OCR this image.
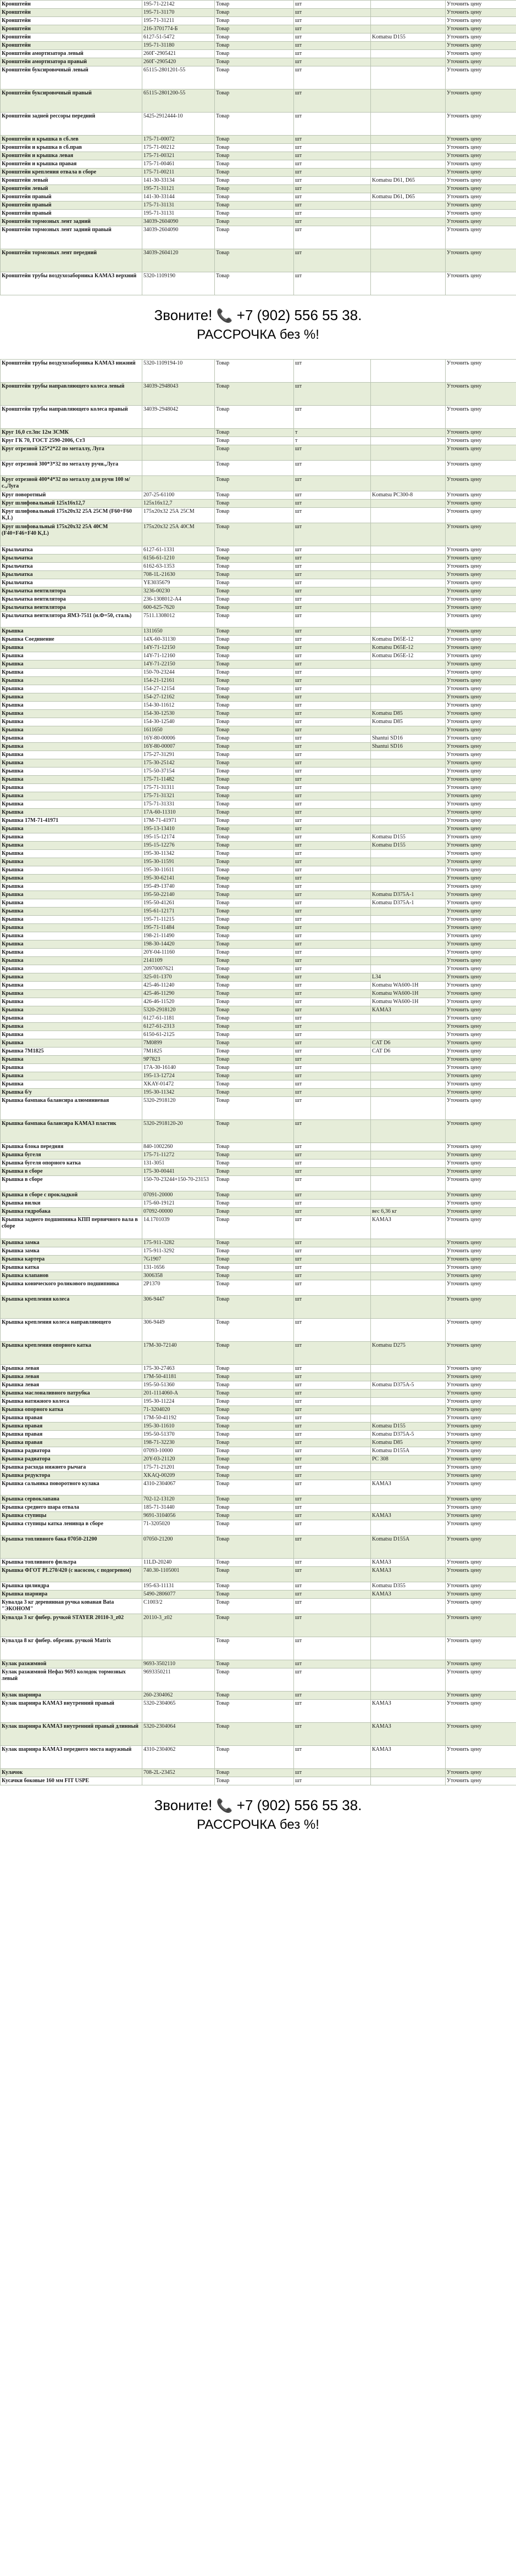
Кронштейн	195-71-22142	Товар	шт		Уточнить цену
Кронштейн	195-71-31170	Товар	шт		Уточнить цену
Кронштейн	195-71-31211	Товар	шт		Уточнить цену
Кронштейн	216-3701774-Б	Товар	шт		Уточнить цену
Кронштейн	6127-51-5472	Товар	шт	Komatsu D155	Уточнить цену
Кронштейн	195-71-31180	Товар	шт		Уточнить цену
Кронштейн амортизатора левый	260Г-2905421	Товар	шт		Уточнить цену
Кронштейн амортизатора правый	260Г-2905420	Товар	шт		Уточнить цену
Кронштейн буксировочный левый	65115-2801201-55	Товар	шт		Уточнить цену
Кронштейн буксировочный правый	65115-2801200-55	Товар	шт		Уточнить цену
Кронштейн задней рессоры передний	5425-2912444-10	Товар	шт		Уточнить цену
Кронштейн и крышка в сб.лев	175-71-00072	Товар	шт		Уточнить цену
Кронштейн и крышка в сб.прав	175-71-00212	Товар	шт		Уточнить цену
Кронштейн и крышка левая	175-71-00321	Товар	шт		Уточнить цену
Кронштейн и крышка правая	175-71-00461	Товар	шт		Уточнить цену
Кронштейн крепления отвала в сборе	175-71-00211	Товар	шт		Уточнить цену
Кронштейн левый	141-30-33134	Товар	шт	Komatsu D61, D65	Уточнить цену
Кронштейн левый	195-71-31121	Товар	шт		Уточнить цену
Кронштейн правый	141-30-33144	Товар	шт	Komatsu D61, D65	Уточнить цену
Кронштейн правый	175-71-31131	Товар	шт		Уточнить цену
Кронштейн правый	195-71-31131	Товар	шт		Уточнить цену
Кронштейн тормозных лент задний	34039-2604090	Товар	шт		Уточнить цену
Кронштейн тормозных лент задний правый	34039-2604090	Товар	шт		Уточнить цену
Кронштейн тормозных лент передний	34039-2604120	Товар	шт		Уточнить цену
Кронштейн трубы воздухозаборника КАМАЗ верхний	5320-1109190	Товар	шт		Уточнить цену
Звоните! 📞 +7 (902) 556 55 38.
РАССРОЧКА без %!
Кронштейн трубы воздухозаборника КАМАЗ нижний	5320-1109194-10	Товар	шт		Уточнить цену
Кронштейн трубы направляющего колеса левый	34039-2948043	Товар	шт		Уточнить цену
Кронштейн трубы направляющего колеса правый	34039-2948042	Товар	шт		Уточнить цену
Круг 16,0 ст.3пс 12м ЗСМК		Товар	т		Уточнить цену
Круг ГК 70, ГОСТ 2590-2006, Ст3		Товар	т		Уточнить цену
Круг отрезной 125*2*22 по металлу, Луга		Товар	шт		Уточнить цену
Круг отрезной 300*3*32 по металлу ручн.,Луга		Товар	шт		Уточнить цену
Круг отрезной 400*4*32 по металлу для ручн 100 м/с.,Луга		Товар	шт		Уточнить цену
Круг поворотный	207-25-61100	Товар	шт	Komatsu PC300-8	Уточнить цену
Круг шлифовальный 125х16х12,7	125х16х12,7	Товар	шт		Уточнить цену
Круг шлифовальный 175х20х32 25А 25СМ (F60+F60 K,L)	175х20х32 25А 25СМ	Товар	шт		Уточнить цену
Круг шлифовальный 175х20х32 25А 40СМ (F40+F46+F40 K,L)	175х20х32 25А 40СМ	Товар	шт		Уточнить цену
Крыльчатка	6127-61-1331	Товар	шт		Уточнить цену
Крыльчатка	6156-61-1210	Товар	шт		Уточнить цену
Крыльчатка	6162-63-1353	Товар	шт		Уточнить цену
Крыльчатка	708-1L-21630	Товар	шт		Уточнить цену
Крыльчатка	YE3035679	Товар	шт		Уточнить цену
Крыльчатка вентилятора	3236-00230	Товар	шт		Уточнить цену
Крыльчатка вентилятора	236-1308012-А4	Товар	шт		Уточнить цену
Крыльчатка вентилятора	600-625-7620	Товар	шт		Уточнить цену
Крыльчатка вентилятора ЯМЗ-7511 (н.Ф=50, сталь)	7511.1308012	Товар	шт		Уточнить цену
Крышка	1311650	Товар	шт		Уточнить цену
Крышка Соединение	14X-60-31130	Товар	шт	Komatsu D65E-12	Уточнить цену
Крышка	14Y-71-12150	Товар	шт	Komatsu D65E-12	Уточнить цену
Крышка	14Y-71-12160	Товар	шт	Komatsu D65E-12	Уточнить цену
Крышка	14Y-71-22150	Товар	шт		Уточнить цену
Крышка	150-70-23244	Товар	шт		Уточнить цену
Крышка	154-21-12161	Товар	шт		Уточнить цену
Крышка	154-27-12154	Товар	шт		Уточнить цену
Крышка	154-27-12162	Товар	шт		Уточнить цену
Крышка	154-30-11612	Товар	шт		Уточнить цену
Крышка	154-30-12530	Товар	шт	Komatsu D85	Уточнить цену
Крышка	154-30-12540	Товар	шт	Komatsu D85	Уточнить цену
Крышка	1611650	Товар	шт		Уточнить цену
Крышка	16Y-80-00006	Товар	шт	Shantui SD16	Уточнить цену
Крышка	16Y-80-00007	Товар	шт	Shantui SD16	Уточнить цену
Крышка	175-27-31291	Товар	шт		Уточнить цену
Крышка	175-30-25142	Товар	шт		Уточнить цену
Крышка	175-50-37154	Товар	шт		Уточнить цену
Крышка	175-71-11482	Товар	шт		Уточнить цену
Крышка	175-71-31311	Товар	шт		Уточнить цену
Крышка	175-71-31321	Товар	шт		Уточнить цену
Крышка	175-71-31331	Товар	шт		Уточнить цену
Крышка	17A-60-11310	Товар	шт		Уточнить цену
Крышка 17M-71-41971	17M-71-41971	Товар	шт		Уточнить цену
Крышка	195-13-13410	Товар	шт		Уточнить цену
Крышка	195-15-12174	Товар	шт	Komatsu D155	Уточнить цену
Крышка	195-15-12276	Товар	шт	Komatsu D155	Уточнить цену
Крышка	195-30-11342	Товар	шт		Уточнить цену
Крышка	195-30-11591	Товар	шт		Уточнить цену
Крышка	195-30-11611	Товар	шт		Уточнить цену
Крышка	195-30-62141	Товар	шт		Уточнить цену
Крышка	195-49-13740	Товар	шт		Уточнить цену
Крышка	195-50-22140	Товар	шт	Komatsu D375A-1	Уточнить цену
Крышка	195-50-41261	Товар	шт	Komatsu D375A-1	Уточнить цену
Крышка	195-61-12171	Товар	шт		Уточнить цену
Крышка	195-71-11215	Товар	шт		Уточнить цену
Крышка	195-71-11484	Товар	шт		Уточнить цену
Крышка	198-21-11490	Товар	шт		Уточнить цену
Крышка	198-30-14420	Товар	шт		Уточнить цену
Крышка	20Y-04-11160	Товар	шт		Уточнить цену
Крышка	2141109	Товар	шт		Уточнить цену
Крышка	20970007621	Товар	шт		Уточнить цену
Крышка	325-01-1370	Товар	шт	L34	Уточнить цену
Крышка	425-46-11240	Товар	шт	Komatsu WA600-1H	Уточнить цену
Крышка	425-46-11290	Товар	шт	Komatsu WA600-1H	Уточнить цену
Крышка	426-46-11520	Товар	шт	Komatsu WA600-1H	Уточнить цену
Крышка	5320-2918120	Товар	шт	КАМАЗ	Уточнить цену
Крышка	6127-61-1181	Товар	шт		Уточнить цену
Крышка	6127-61-2313	Товар	шт		Уточнить цену
Крышка	6150-61-2125	Товар	шт		Уточнить цену
Крышка	7M0899	Товар	шт	CAT D6	Уточнить цену
Крышка 7M1825	7M1825	Товар	шт	CAT D6	Уточнить цену
Крышка	9P7823	Товар	шт		Уточнить цену
Крышка	17A-30-16140	Товар	шт		Уточнить цену
Крышка	195-13-12724	Товар	шт		Уточнить цену
Крышка	XKAY-01472	Товар	шт		Уточнить цену
Крышка б/у	195-30-11342	Товар	шт		Уточнить цену
Крышка бампака балансира алюминиевая	5320-2918120	Товар	шт		Уточнить цену
Крышка бампака балансира КАМАЗ пластик	5320-2918120-20	Товар	шт		Уточнить цену
Крышка блока передняя	840-1002260	Товар	шт		Уточнить цену
Крышка бугеля	175-71-11272	Товар	шт		Уточнить цену
Крышка бугеля опорного катка	131-3051	Товар	шт		Уточнить цену
Крышка в сборе	175-30-00441	Товар	шт		Уточнить цену
Крышка в сборе	150-70-23244+150-70-23153	Товар	шт		Уточнить цену
Крышка в сборе с прокладкой	07091-20000	Товар	шт		Уточнить цену
Крышка вилки	175-60-19121	Товар	шт		Уточнить цену
Крышка гидробака	07092-00000	Товар	шт	вес 6,36 кг	Уточнить цену
Крышка заднего подшипника КПП первичного вала в сборе	14.1701039	Товар	шт	КАМАЗ	Уточнить цену
Крышка замка	175-911-3282	Товар	шт		Уточнить цену
Крышка замка	175-911-3292	Товар	шт		Уточнить цену
Крышка картера	7G1907	Товар	шт		Уточнить цену
Крышка катка	131-1656	Товар	шт		Уточнить цену
Крышка клапанов	3006358	Товар	шт		Уточнить цену
Крышка конического роликового подшипника	2P1370	Товар	шт		Уточнить цену
Крышка крепления колеса	306-9447	Товар	шт		Уточнить цену
Крышка крепления колеса направляющего	306-9449	Товар	шт		Уточнить цену
Крышка крепления опорного катка	17M-30-72140	Товар	шт	Komatsu D275	Уточнить цену
Крышка левая	175-30-27463	Товар	шт		Уточнить цену
Крышка левая	17M-50-41181	Товар	шт		Уточнить цену
Крышка левая	195-50-51360	Товар	шт	Komatsu D375A-5	Уточнить цену
Крышка маслоналивного патрубка	201-1114060-А	Товар	шт		Уточнить цену
Крышка натяжного колеса	195-30-11224	Товар	шт		Уточнить цену
Крышка опорного катка	71-3204020	Товар	шт		Уточнить цену
Крышка правая	17M-50-41192	Товар	шт		Уточнить цену
Крышка правая	195-30-11610	Товар	шт	Komatsu D155	Уточнить цену
Крышка правая	195-50-51370	Товар	шт	Komatsu D375A-5	Уточнить цену
Крышка правая	198-71-32230	Товар	шт	Komatsu D85	Уточнить цену
Крышка радиатора	07093-10000	Товар	шт	Komatsu D155A	Уточнить цену
Крышка радиатора	20Y-03-21120	Товар	шт	PC 308	Уточнить цену
Крышка расхода нижнего рычага	175-71-21201	Товар	шт		Уточнить цену
Крышка редуктора	XKAQ-00209	Товар	шт		Уточнить цену
Крышка сальника поворотного кулака	4310-2304067	Товар	шт	КАМАЗ	Уточнить цену
Крышка сервоклапана	702-12-13120	Товар	шт		Уточнить цену
Крышка среднего шара отвала	185-71-31440	Товар	шт		Уточнить цену
Крышка ступицы	9691-3104056	Товар	шт	КАМАЗ	Уточнить цену
Крышка ступицы катка ленивца в сборе	71-3205020	Товар	шт		Уточнить цену
Крышка топливного бака 07050-21200	07050-21200	Товар	шт	Komatsu D155A	Уточнить цену
Крышка топливного фильтра	11LD-20240	Товар	шт	КАМАЗ	Уточнить цену
Крышка ФГОТ PL270/420 (с насосом, с подогревом)	740.30-1105001	Товар	шт	КАМАЗ	Уточнить цену
Крышка цилиндра	195-63-11131	Товар	шт	Komatsu D355	Уточнить цену
Крышка шарнира	5490-2806077	Товар	шт	КАМАЗ	Уточнить цену
Кувалда 3 кг деревянная ручка кованая Bata "ЭКОНОМ"	C1003/2	Товар	шт		Уточнить цену
Кувалда 3 кг фибер. ручкой STAYER 20110-3_z02	20110-3_z02	Товар	шт		Уточнить цену
Кувалда 8 кг фибер. обрезин. ручкой Matrix		Товар	шт		Уточнить цену
Кулак разжимной	9693-3502110	Товар	шт		Уточнить цену
Кулак разжимной Нефаз 9693 колодок тормозных левый	9693350211	Товар	шт		Уточнить цену
Кулак шарнира	260-2304062	Товар	шт		Уточнить цену
Кулак шарнира КАМАЗ внутренний правый	5320-2304065	Товар	шт	КАМАЗ	Уточнить цену
Кулак шарнира КАМАЗ внутренний правый длинный	5320-2304064	Товар	шт	КАМАЗ	Уточнить цену
Кулак шарнира КАМАЗ переднего моста наружный	4310-2304062	Товар	шт	КАМАЗ	Уточнить цену
Кулачок	708-2L-23452	Товар	шт		Уточнить цену
Кусачки боковые 160 мм FIT USPE		Товар	шт		Уточнить цену
Звоните! 📞 +7 (902) 556 55 38.
РАССРОЧКА без %!
